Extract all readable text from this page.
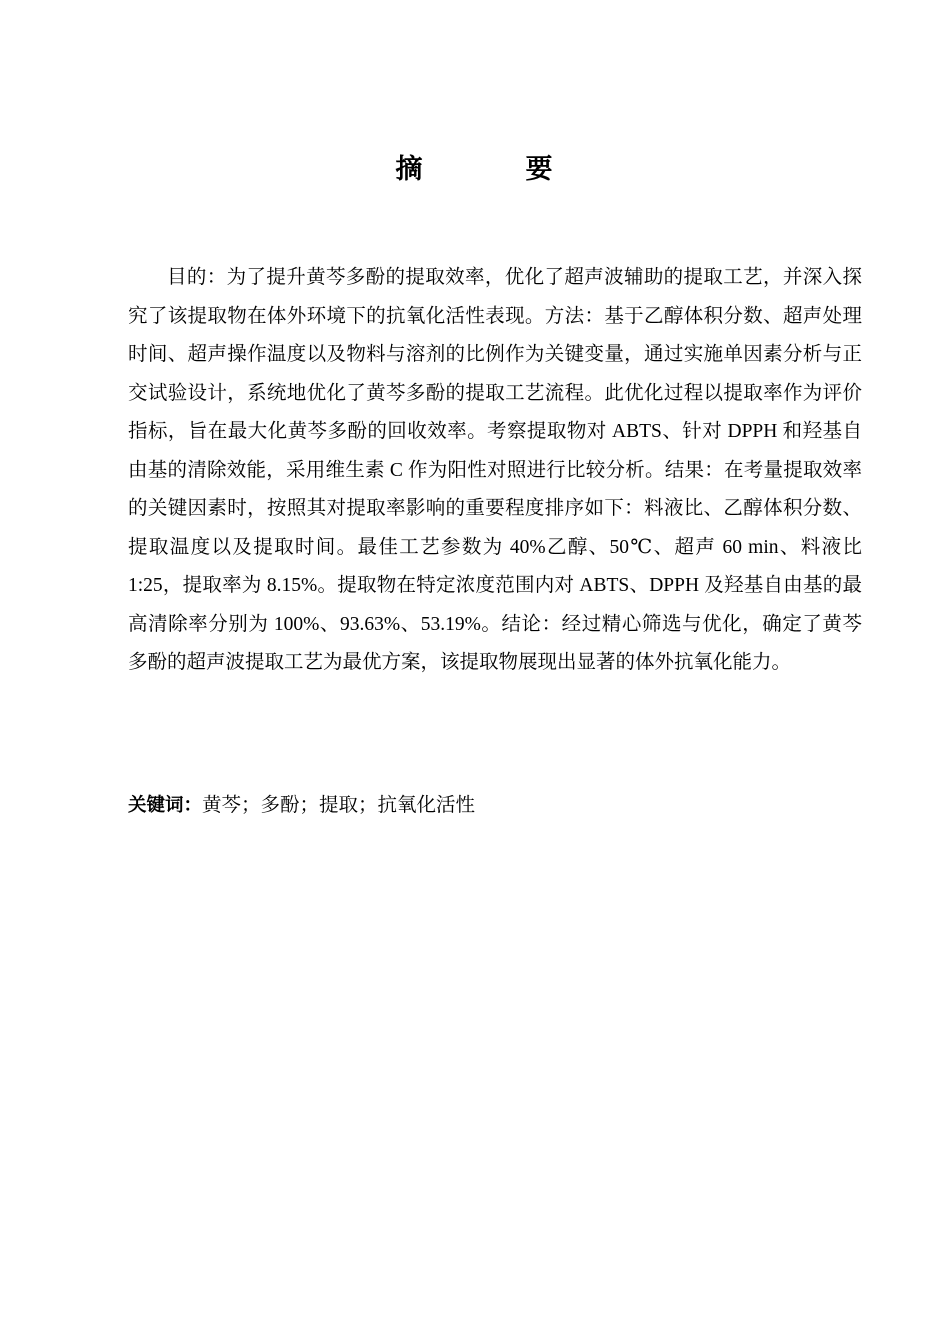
摘　要

目的：为了提升黄芩多酚的提取效率，优化了超声波辅助的提取工艺，并深入探究了该提取物在体外环境下的抗氧化活性表现。方法：基于乙醇体积分数、超声处理时间、超声操作温度以及物料与溶剂的比例作为关键变量，通过实施单因素分析与正交试验设计，系统地优化了黄芩多酚的提取工艺流程。此优化过程以提取率作为评价指标，旨在最大化黄芩多酚的回收效率。考察提取物对 ABTS、针对 DPPH 和羟基自由基的清除效能，采用维生素 C 作为阳性对照进行比较分析。结果：在考量提取效率的关键因素时，按照其对提取率影响的重要程度排序如下：料液比、乙醇体积分数、提取温度以及提取时间。最佳工艺参数为 40%乙醇、50℃、超声 60 min、料液比 1:25，提取率为 8.15%。提取物在特定浓度范围内对 ABTS、DPPH 及羟基自由基的最高清除率分别为 100%、93.63%、53.19%。结论：经过精心筛选与优化，确定了黄芩多酚的超声波提取工艺为最优方案，该提取物展现出显著的体外抗氧化能力。

关键词：黄芩；多酚；提取；抗氧化活性
